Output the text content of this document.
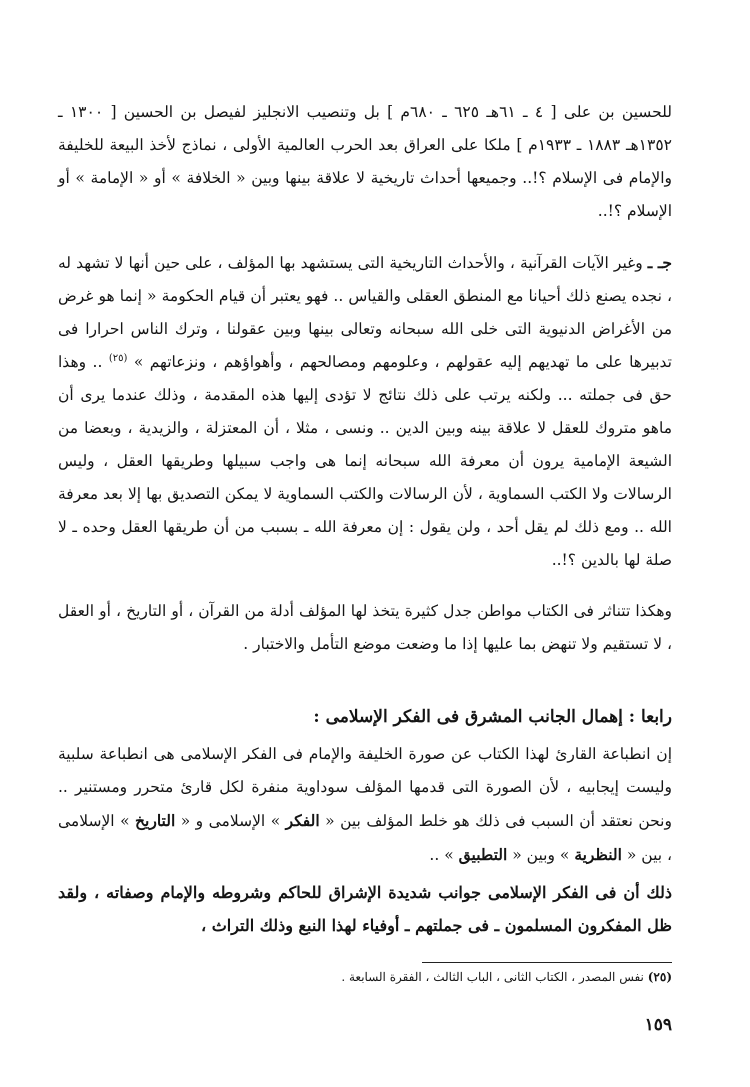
للحسين بن على [ ٤ ـ ٦١هـ ٦٢٥ ـ ٦٨٠م ] بل وتنصيب الانجليز لفيصل بن الحسين [ ١٣٠٠ ـ ١٣٥٢هـ ١٨٨٣ ـ ١٩٣٣م ] ملكا على العراق بعد الحرب العالمية الأولى ، نماذج لأخذ البيعة للخليفة والإمام فى الإسلام ؟!.. وجميعها أحداث تاريخية لا علاقة بينها وبين « الخلافة » أو « الإمامة » أو الإسلام ؟!..

جـ ـ وغير الآيات القرآنية ، والأحداث التاريخية التى يستشهد بها المؤلف ، على حين أنها لا تشهد له ، نجده يصنع ذلك أحيانا مع المنطق العقلى والقياس .. فهو يعتبر أن قيام الحكومة « إنما هو غرض من الأغراض الدنيوية التى خلى الله سبحانه وتعالى بينها وبين عقولنا ، وترك الناس احرارا فى تدبيرها على ما تهديهم إليه عقولهم ، وعلومهم ومصالحهم ، وأهواؤهم ، ونزعاتهم » $^{(٢٥)}$ .. وهذا حق فى جملته ... ولكنه يرتب على ذلك نتائج لا تؤدى إليها هذه المقدمة ، وذلك عندما يرى أن ماهو متروك للعقل لا علاقة بينه وبين الدين .. ونسى ، مثلا ، أن المعتزلة ، والزيدية ، وبعضا من الشيعة الإمامية يرون أن معرفة الله سبحانه إنما هى واجب سبيلها وطريقها العقل ، وليس الرسالات ولا الكتب السماوية ، لأن الرسالات والكتب السماوية لا يمكن التصديق بها إلا بعد معرفة الله .. ومع ذلك لم يقل أحد ، ولن يقول : إن معرفة الله ـ بسبب من أن طريقها العقل وحده ـ لا صلة لها بالدين ؟!..

وهكذا تتناثر فى الكتاب مواطن جدل كثيرة يتخذ لها المؤلف أدلة من القرآن ، أو التاريخ ، أو العقل ، لا تستقيم ولا تنهض بما عليها إذا ما وضعت موضع التأمل والاختبار .

رابعا : إهمال الجانب المشرق فى الفكر الإسلامى :

إن انطباعة القارئ لهذا الكتاب عن صورة الخليفة والإمام فى الفكر الإسلامى هى انطباعة سلبية وليست إيجابيه ، لأن الصورة التى قدمها المؤلف سوداوية منفرة لكل قارئ متحرر ومستنير .. ونحن نعتقد أن السبب فى ذلك هو خلط المؤلف بين « الفكر » الإسلامى و « التاريخ » الإسلامى ، بين « النظرية » وبين « التطبيق » ..

ذلك أن فى الفكر الإسلامى جوانب شديدة الإشراق للحاكم وشروطه والإمام وصفاته ، ولقد ظل المفكرون المسلمون ـ فى جملتهم ـ أوفياء لهذا النبع وذلك التراث ،

(٢٥) نفس المصدر ، الكتاب الثانى ، الباب الثالث ، الفقرة السابعة .

١٥٩
